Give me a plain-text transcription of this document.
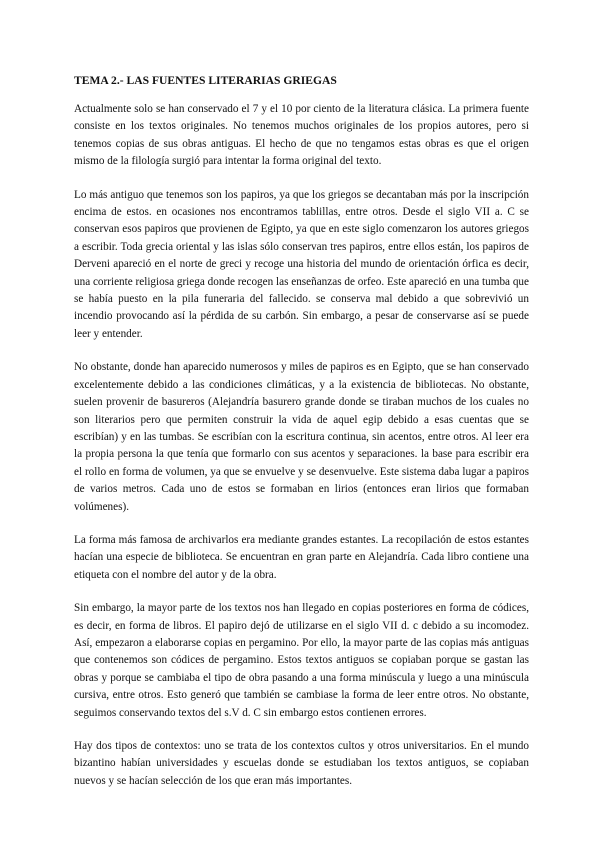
TEMA 2.- LAS FUENTES LITERARIAS GRIEGAS

Actualmente solo se han conservado el 7 y el 10 por ciento de la literatura clásica. La primera fuente consiste en los textos originales. No tenemos muchos originales de los propios autores, pero si tenemos copias de sus obras antiguas. El hecho de que no tengamos estas obras es que el origen mismo de la filología surgió para intentar la forma original del texto.

Lo más antiguo que tenemos son los papiros, ya que los griegos se decantaban más por la inscripción encima de estos. en ocasiones nos encontramos tablillas, entre otros. Desde el siglo VII a. C se conservan esos papiros que provienen de Egipto, ya que en este siglo comenzaron los autores griegos a escribir. Toda grecia oriental y las islas sólo conservan tres papiros, entre ellos están, los papiros de Derveni apareció en el norte de greci y recoge una historia del mundo de orientación órfica es decir, una corriente religiosa griega donde recogen las enseñanzas de orfeo. Este apareció en una tumba que se había puesto en la pila funeraria del fallecido. se conserva mal debido a que sobrevivió un incendio provocando así la pérdida de su carbón. Sin embargo, a pesar de conservarse así se puede leer y entender.

No obstante, donde han aparecido numerosos y miles de papiros es en Egipto, que se han conservado excelentemente debido a las condiciones climáticas, y a la existencia de bibliotecas. No obstante, suelen provenir de basureros (Alejandría basurero grande donde se tiraban muchos de los cuales no son literarios pero que permiten construir la vida de aquel egip debido a esas cuentas que se escribían) y en las tumbas. Se escribían con la escritura continua, sin acentos, entre otros. Al leer era la propia persona la que tenía que formarlo con sus acentos y separaciones. la base para escribir era el rollo en forma de volumen, ya que se envuelve y se desenvuelve. Este sistema daba lugar a papiros de varios metros. Cada uno de estos se formaban en lirios (entonces eran lirios que formaban volúmenes).

La forma más famosa de archivarlos era mediante grandes estantes. La recopilación de estos estantes hacían una especie de biblioteca. Se encuentran en gran parte en Alejandría. Cada libro contiene una etiqueta con el nombre del autor y de la obra.

Sin embargo, la mayor parte de los textos nos han llegado en copias posteriores en forma de códices, es decir, en forma de libros. El papiro dejó de utilizarse en el siglo VII d. c debido a su incomodez. Así, empezaron a elaborarse copias en pergamino. Por ello, la mayor parte de las copias más antiguas que contenemos son códices de pergamino. Estos textos antiguos se copiaban porque se gastan las obras y porque se cambiaba el tipo de obra pasando a una forma minúscula y luego a una minúscula cursiva, entre otros. Esto generó que también se cambiase la forma de leer entre otros. No obstante, seguimos conservando textos del s.V d. C sin embargo estos contienen errores.

Hay dos tipos de contextos: uno se trata de los contextos cultos y otros universitarios. En el mundo bizantino habían universidades y escuelas donde se estudiaban los textos antiguos, se copiaban nuevos y se hacían selección de los que eran más importantes.
